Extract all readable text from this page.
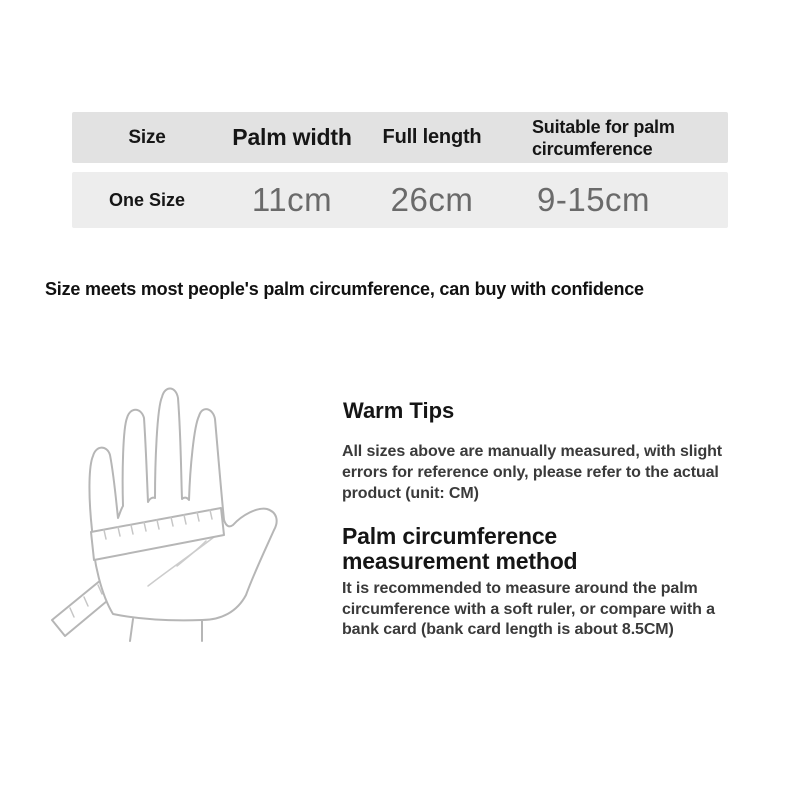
Size	Palm width	Full length	Suitable for palm
circumference
One Size	11cm	26cm	9-15cm
Size meets most people's palm circumference, can buy with confidence
Warm Tips
All sizes above are manually measured, with slight
errors for reference only, please refer to the actual
product (unit: CM)
Palm circumference
measurement method
It is recommended to measure around the palm
circumference with a soft ruler, or compare with a
bank card (bank card length is about 8.5CM)
